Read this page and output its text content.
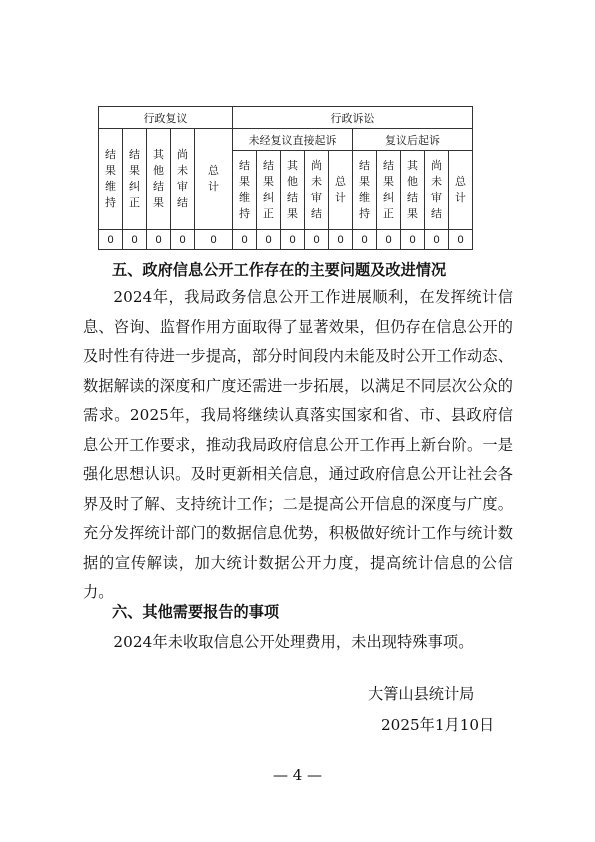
行政复议					行政诉讼									
结果维持	结果纠正	其他结果	尚未审结	总计	未经复议直接起诉					复议后起诉				
					结果维持	结果纠正	其他结果	尚未审结	总计	结果维持	结果纠正	其他结果	尚未审结	总计
0	0	0	0	0	0	0	0	0	0	0	0	0	0	0
五、政府信息公开工作存在的主要问题及改进情况
2024年，我局政务信息公开工作进展顺利，在发挥统计信息、咨询、监督作用方面取得了显著效果，但仍存在信息公开的及时性有待进一步提高，部分时间段内未能及时公开工作动态、数据解读的深度和广度还需进一步拓展，以满足不同层次公众的需求。2025年，我局将继续认真落实国家和省、市、县政府信息公开工作要求，推动我局政府信息公开工作再上新台阶。一是强化思想认识。及时更新相关信息，通过政府信息公开让社会各界及时了解、支持统计工作；二是提高公开信息的深度与广度。充分发挥统计部门的数据信息优势，积极做好统计工作与统计数据的宣传解读，加大统计数据公开力度，提高统计信息的公信力。
六、其他需要报告的事项
2024年未收取信息公开处理费用，未出现特殊事项。
大箐山县统计局
2025年1月10日
— 4 —
